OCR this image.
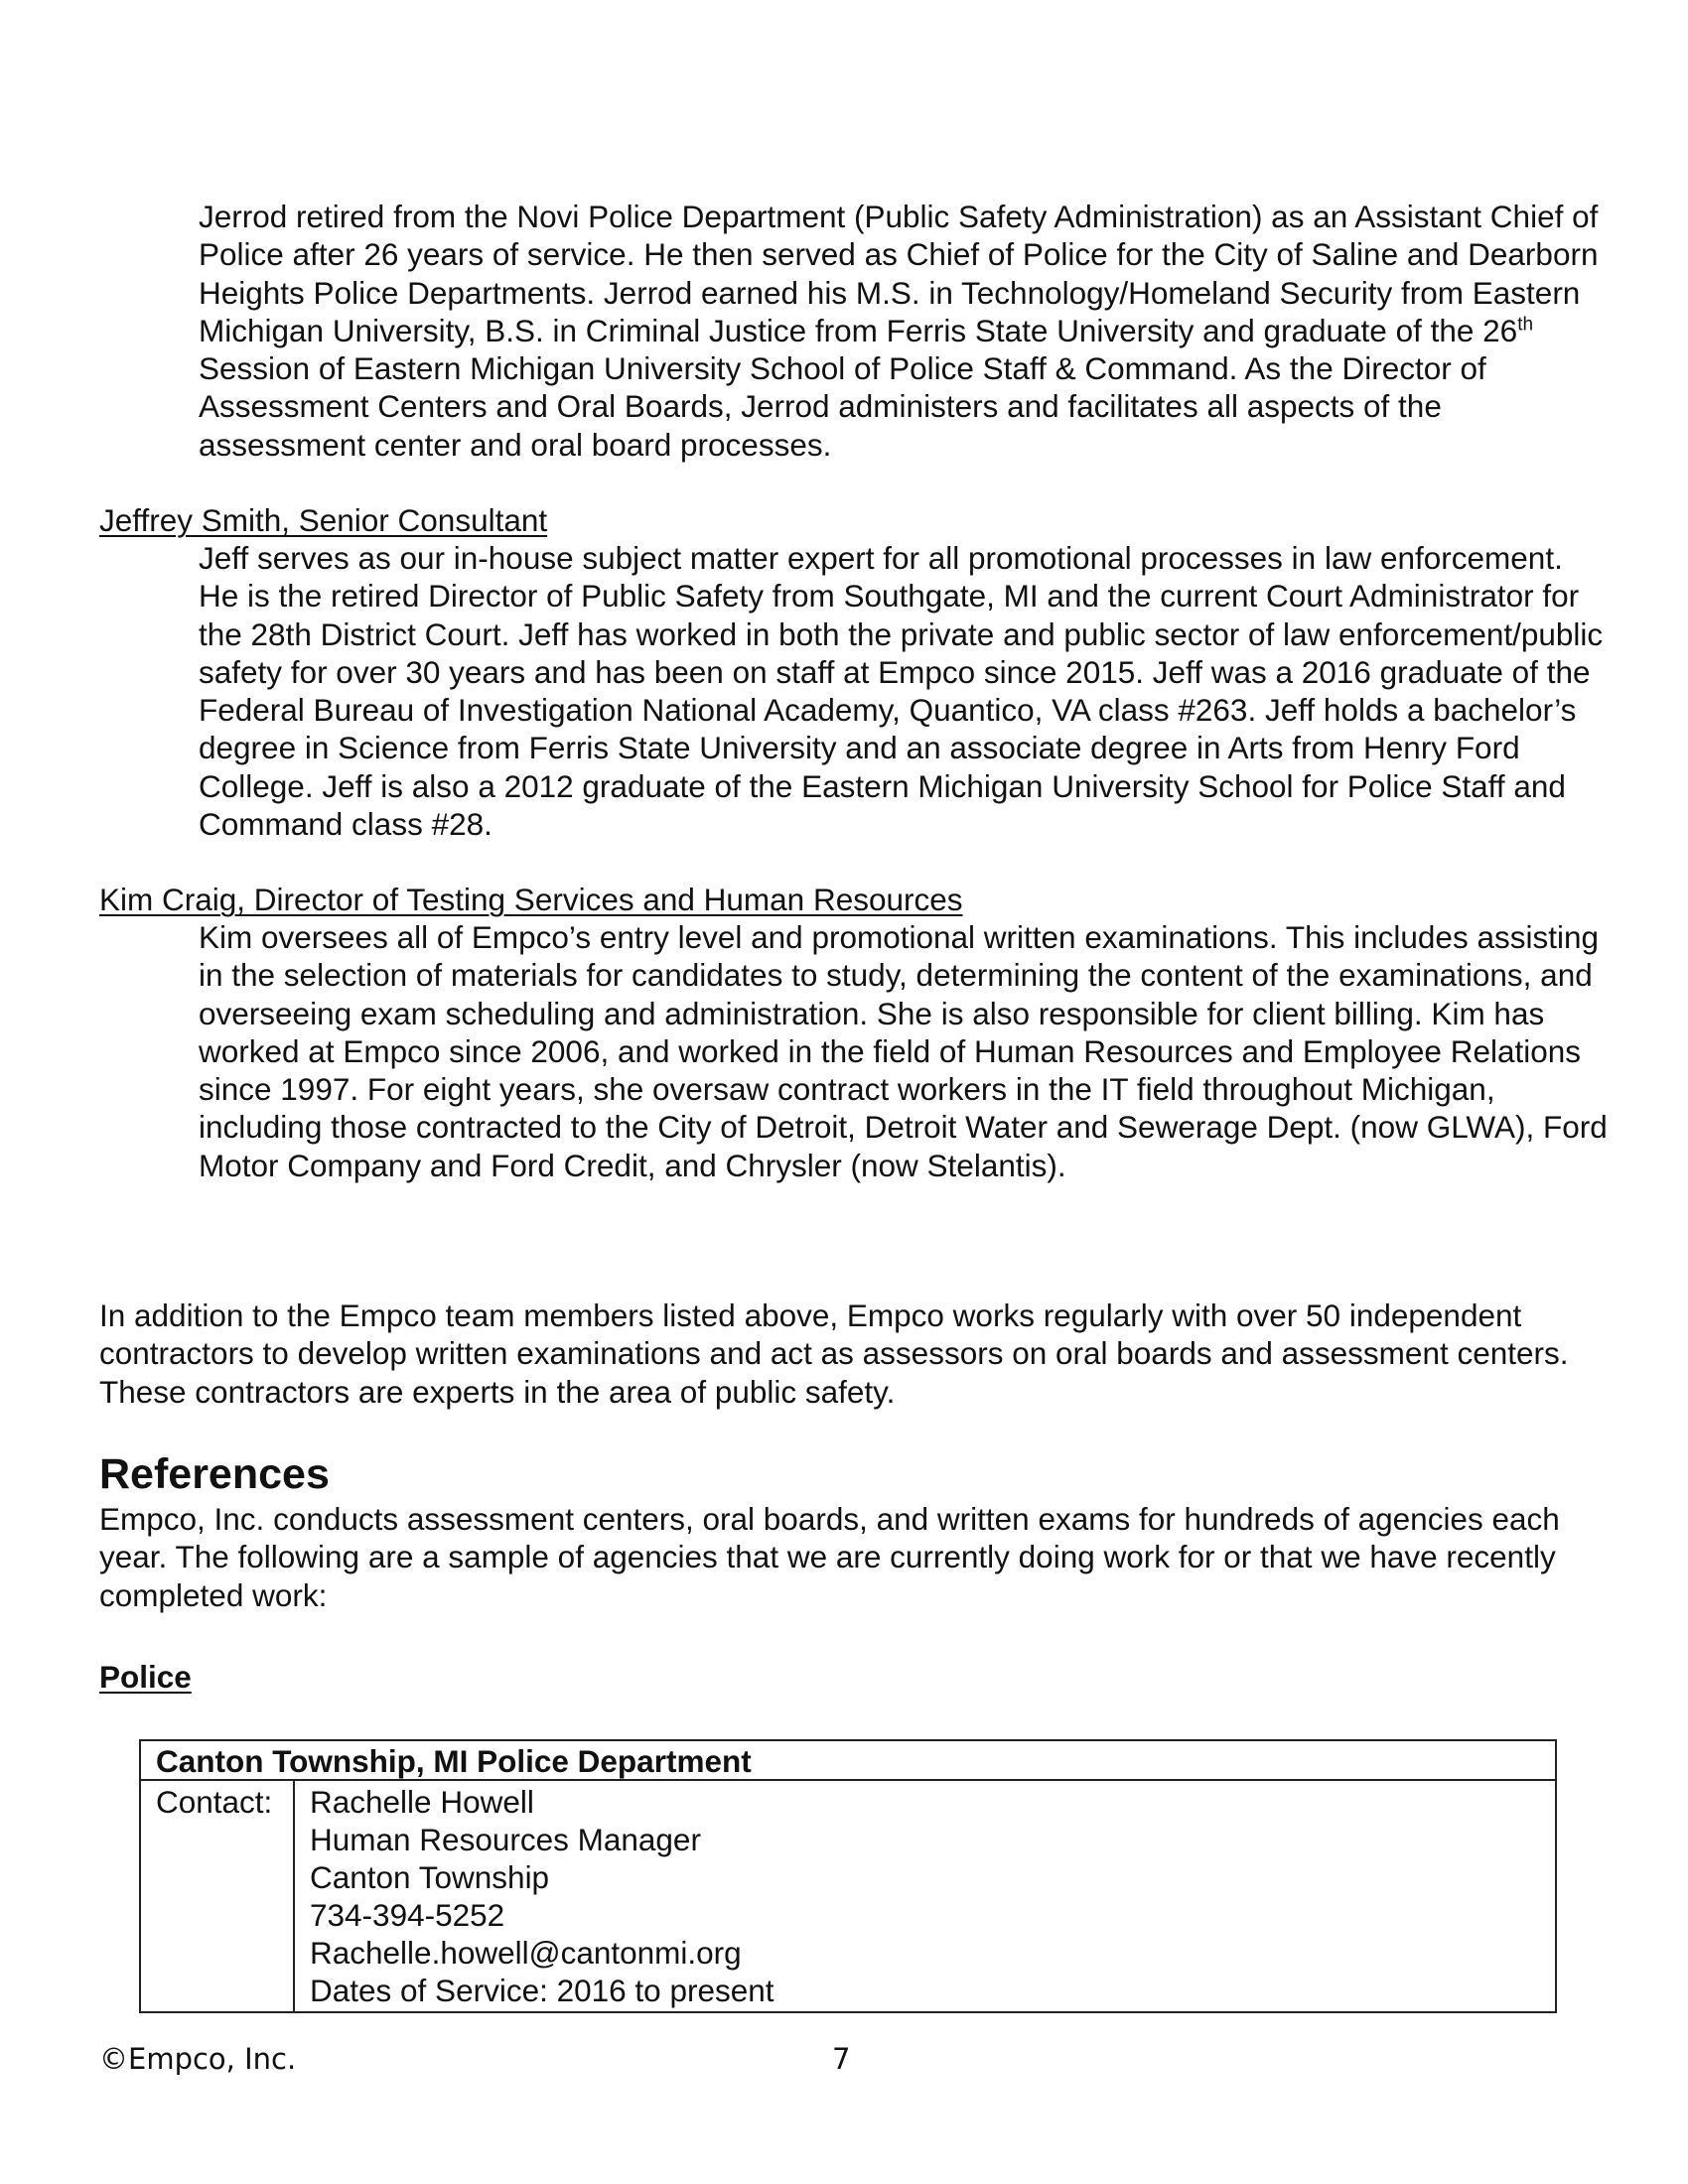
Jerrod retired from the Novi Police Department (Public Safety Administration) as an Assistant Chief of Police after 26 years of service. He then served as Chief of Police for the City of Saline and Dearborn Heights Police Departments. Jerrod earned his M.S. in Technology/Homeland Security from Eastern Michigan University, B.S. in Criminal Justice from Ferris State University and graduate of the 26th Session of Eastern Michigan University School of Police Staff & Command. As the Director of Assessment Centers and Oral Boards, Jerrod administers and facilitates all aspects of the assessment center and oral board processes.

Jeffrey Smith, Senior Consultant

Jeff serves as our in-house subject matter expert for all promotional processes in law enforcement. He is the retired Director of Public Safety from Southgate, MI and the current Court Administrator for the 28th District Court. Jeff has worked in both the private and public sector of law enforcement/public safety for over 30 years and has been on staff at Empco since 2015. Jeff was a 2016 graduate of the Federal Bureau of Investigation National Academy, Quantico, VA class #263. Jeff holds a bachelor’s degree in Science from Ferris State University and an associate degree in Arts from Henry Ford College. Jeff is also a 2012 graduate of the Eastern Michigan University School for Police Staff and Command class #28.

Kim Craig, Director of Testing Services and Human Resources

Kim oversees all of Empco’s entry level and promotional written examinations. This includes assisting in the selection of materials for candidates to study, determining the content of the examinations, and overseeing exam scheduling and administration. She is also responsible for client billing. Kim has worked at Empco since 2006, and worked in the field of Human Resources and Employee Relations since 1997. For eight years, she oversaw contract workers in the IT field throughout Michigan, including those contracted to the City of Detroit, Detroit Water and Sewerage Dept. (now GLWA), Ford Motor Company and Ford Credit, and Chrysler (now Stelantis).

In addition to the Empco team members listed above, Empco works regularly with over 50 independent contractors to develop written examinations and act as assessors on oral boards and assessment centers. These contractors are experts in the area of public safety.

References

Empco, Inc. conducts assessment centers, oral boards, and written exams for hundreds of agencies each year. The following are a sample of agencies that we are currently doing work for or that we have recently completed work:

Police
Canton Township, MI Police Department
Contact:	Rachelle Howell
Human Resources Manager
Canton Township
734-394-5252
Rachelle.howell@cantonmi.org
Dates of Service: 2016 to present
©Empco, Inc.	7
